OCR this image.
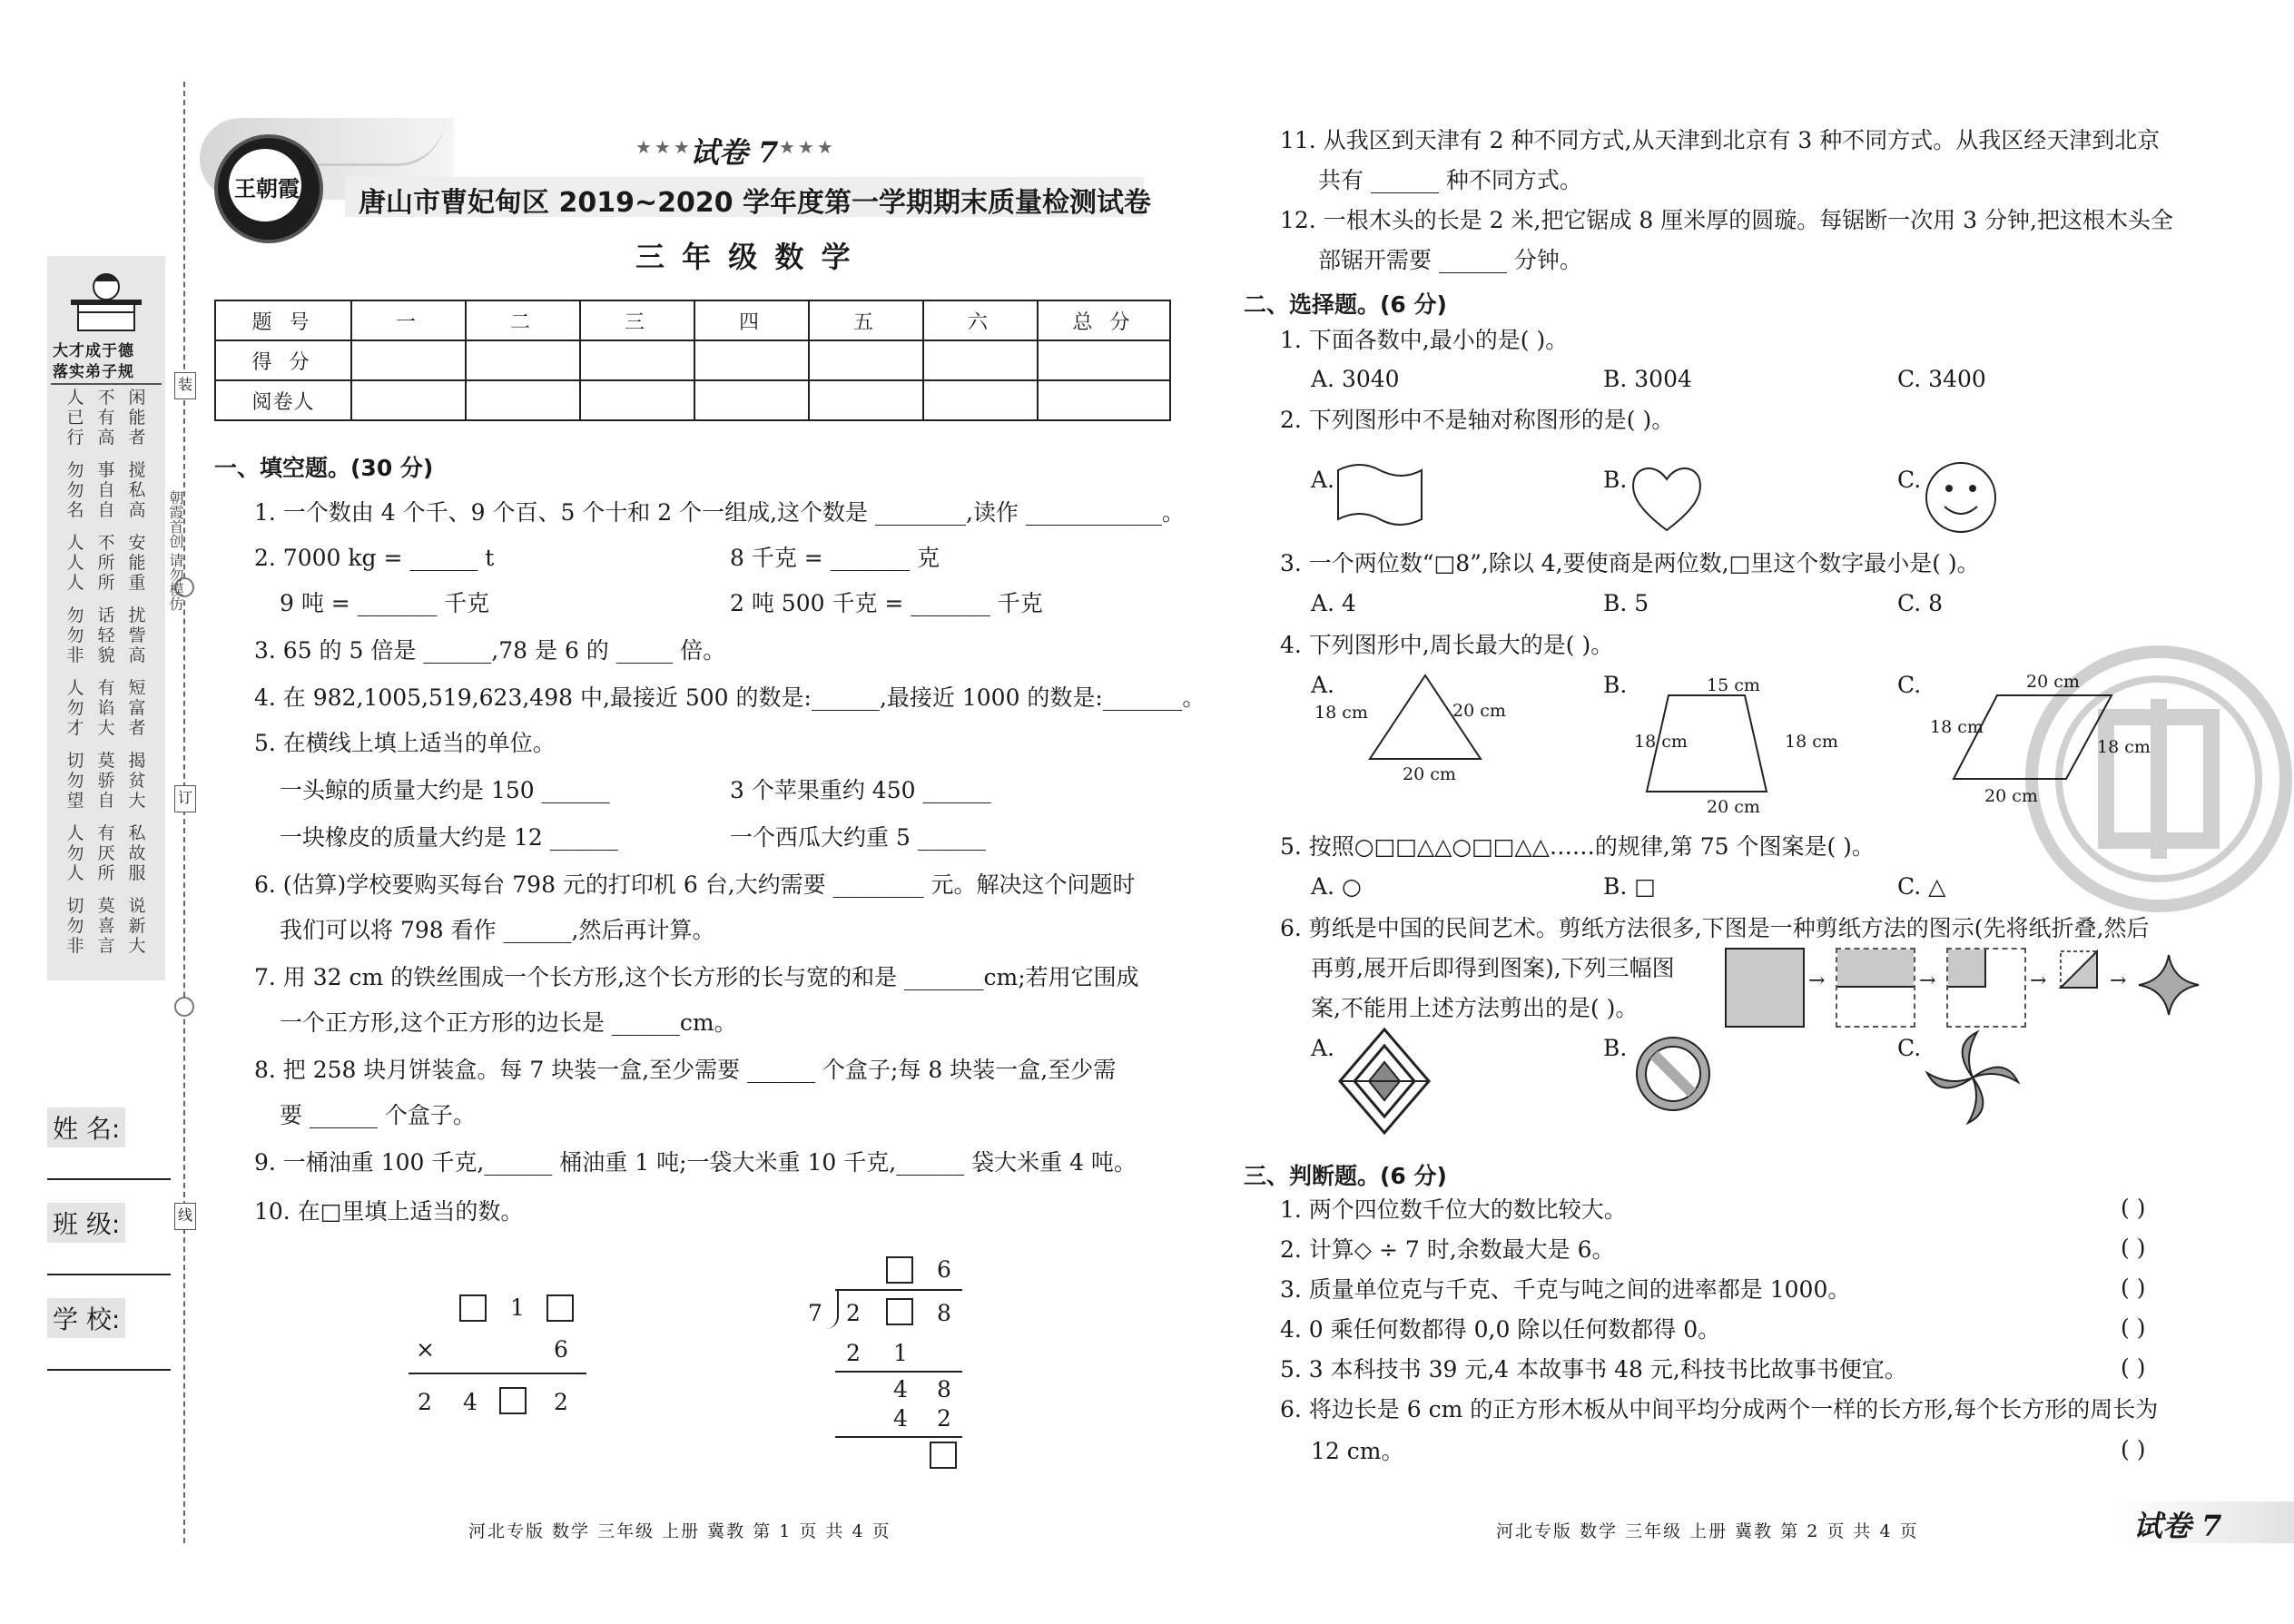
装
订
线
朝霞首创 请勿模仿
大才成于德
落实弟子规
人已行
不有高
闲能者
勿勿名
事自自
搅私高
人人人
不所所
安能重
勿勿非
话轻貌
扰訾高
人勿才
有谄大
短富者
切勿望
莫骄自
揭贫大
人勿人
有厌所
私故服
切勿非
莫喜言
说新大
姓 名:
班 级:
学 校:
王朝霞
★★★
试卷 7 ★★★
唐山市曹妃甸区 2019~2020 学年度第一学期期末质量检测试卷
三 年 级 数 学
题 号	一	二	三	四	五	六	总 分
得 分							
阅卷人							
一、填空题。(30 分)
1. 一个数由 4 个千、9 个百、5 个十和 2 个一组成,这个数是 ________,读作 ____________。
2. 7000 kg = ______ t	8 千克 = _______ 克
9 吨 = _______ 千克	2 吨 500 千克 = _______ 千克
3. 65 的 5 倍是 ______,78 是 6 的 _____ 倍。
4. 在 982,1005,519,623,498 中,最接近 500 的数是:______,最接近 1000 的数是:_______。
5. 在横线上填上适当的单位。
一头鲸的质量大约是 150 ______	3 个苹果重约 450 ______
一块橡皮的质量大约是 12 ______	一个西瓜大约重 5 ______
6. (估算)学校要购买每台 798 元的打印机 6 台,大约需要 ________ 元。解决这个问题时
我们可以将 798 看作 ______,然后再计算。
7. 用 32 cm 的铁丝围成一个长方形,这个长方形的长与宽的和是 _______cm;若用它围成
一个正方形,这个正方形的边长是 ______cm。
8. 把 258 块月饼装盒。每 7 块装一盒,至少需要 ______ 个盒子;每 8 块装一盒,至少需
要 ______ 个盒子。
9. 一桶油重 100 千克,______ 桶油重 1 吨;一袋大米重 10 千克,______ 袋大米重 4 吨。
10. 在□里填上适当的数。
1
×	6
2 4	2
6
7 2	8
2 1
4 8
4 2
河北专版 数学 三年级 上册 冀教 第 1 页 共 4 页
11. 从我区到天津有 2 种不同方式,从天津到北京有 3 种不同方式。从我区经天津到北京
共有 ______ 种不同方式。
12. 一根木头的长是 2 米,把它锯成 8 厘米厚的圆璇。每锯断一次用 3 分钟,把这根木头全
部锯开需要 ______ 分钟。
二、选择题。(6 分)
1. 下面各数中,最小的是( )。
A. 3040	B. 3004	C. 3400
2. 下列图形中不是轴对称图形的是( )。
A.	B.	C.
3. 一个两位数“□8”,除以 4,要使商是两位数,□里这个数字最小是( )。
A. 4	B. 5	C. 8
4. 下列图形中,周长最大的是( )。
A.	B.	C.
18 cm	20 cm
20 cm
15 cm
18 cm	18 cm
20 cm
20 cm
18 cm
18 cm
20 cm
5. 按照○□□△△○□□△△……的规律,第 75 个图案是( )。
A. ○	B. □	C. △
6. 剪纸是中国的民间艺术。剪纸方法很多,下图是一种剪纸方法的图示(先将纸折叠,然后
再剪,展开后即得到图案),下列三幅图
案,不能用上述方法剪出的是( )。
→	→	→	→
A.	B.	C.
三、判断题。(6 分)
1. 两个四位数千位大的数比较大。	( )
2. 计算◇ ÷ 7 时,余数最大是 6。	( )
3. 质量单位克与千克、千克与吨之间的进率都是 1000。	( )
4. 0 乘任何数都得 0,0 除以任何数都得 0。	( )
5. 3 本科技书 39 元,4 本故事书 48 元,科技书比故事书便宜。	( )
6. 将边长是 6 cm 的正方形木板从中间平均分成两个一样的长方形,每个长方形的周长为
12 cm。	( )
河北专版 数学 三年级 上册 冀教 第 2 页 共 4 页	试卷 7
